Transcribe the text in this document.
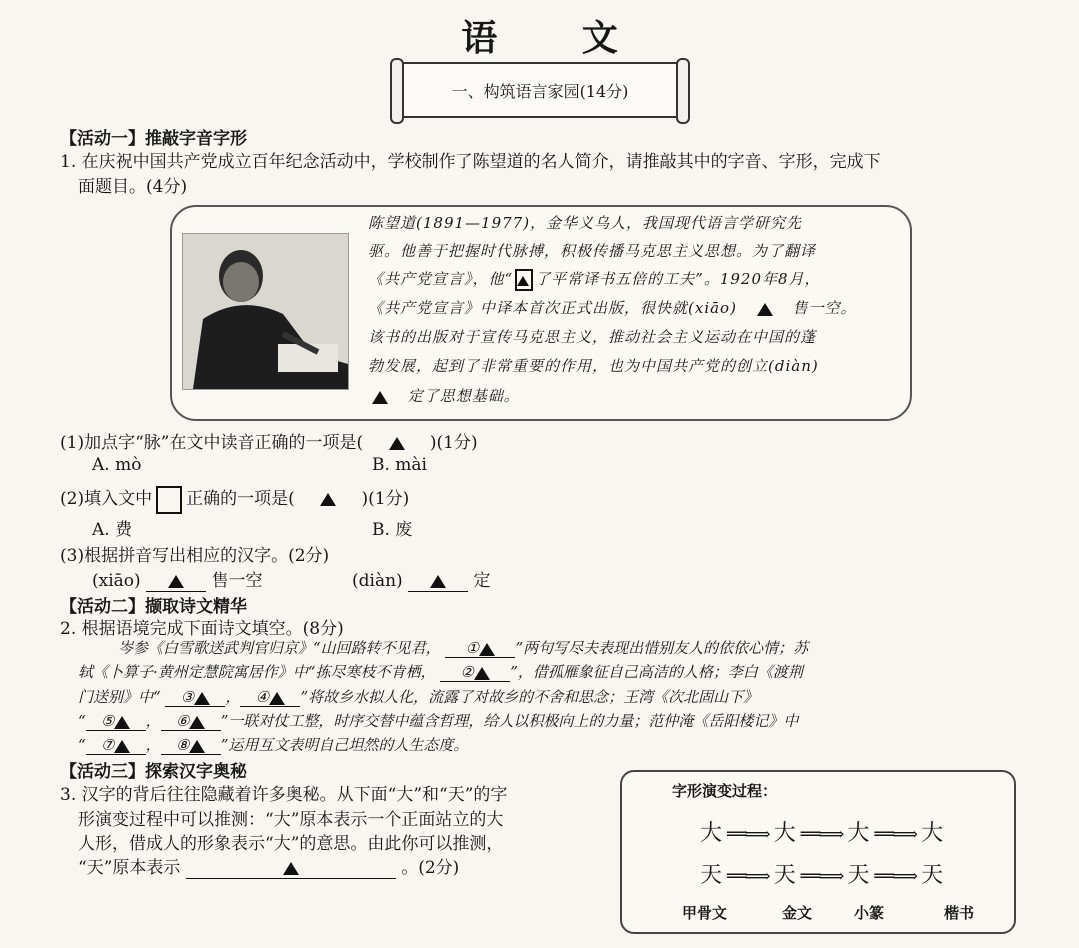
语 文
一、构筑语言家园(14分)
【活动一】推敲字音字形
1. 在庆祝中国共产党成立百年纪念活动中，学校制作了陈望道的名人简介，请推敲其中的字音、字形，完成下
面题目。(4分)
陈望道(1891—1977)，金华义乌人，我国现代语言学研究先
驱。他善于把握时代脉搏，积极传播马克思主义思想。为了翻译
《共产党宣言》，他“ 了平常译书五倍的工夫”。1920年8月，
《共产党宣言》中译本首次正式出版，很快就(xiāo)	售一空。
该书的出版对于宣传马克思主义，推动社会主义运动在中国的蓬
勃发展，起到了非常重要的作用，也为中国共产党的创立(diàn)
定了思想基础。
(1)加点字“脉”在文中读音正确的一项是(	)(1分)
A. mò	B. mài
(2)填入文中 正确的一项是(	)(1分)
A. 费	B. 废
(3)根据拼音写出相应的汉字。(2分)
(xiāo)	售一空	(diàn)	定
【活动二】撷取诗文精华
2. 根据语境完成下面诗文填空。(8分)
岑参《白雪歌送武判官归京》“山回路转不见君， ① ”两句写尽夫表现出惜别友人的依依心情；苏
轼《卜算子·黄州定慧院寓居作》中“拣尽寒枝不肯栖， ② ”，借孤雁象征自己高洁的人格；李白《渡荆
门送别》中“ ③ ， ④ ”将故乡水拟人化，流露了对故乡的不舍和思念；王湾《次北固山下》
“ ⑤ ， ⑥ ”一联对仗工整，时序交替中蕴含哲理，给人以积极向上的力量；范仲淹《岳阳楼记》中
“ ⑦ ， ⑧ ”运用互文表明自己坦然的人生态度。
【活动三】探索汉字奥秘
3. 汉字的背后往往隐藏着许多奥秘。从下面“大”和“天”的字
形演变过程中可以推测：“大”原本表示一个正面站立的大
人形，借成人的形象表示“大”的意思。由此你可以推测，
“天”原本表示	。(2分)
字形演变过程：
大 ══⟹ 大 ══⟹ 大 ══⟹ 大
天 ══⟹ 天 ══⟹ 天 ══⟹ 天
甲骨文	金文	小篆	楷书
